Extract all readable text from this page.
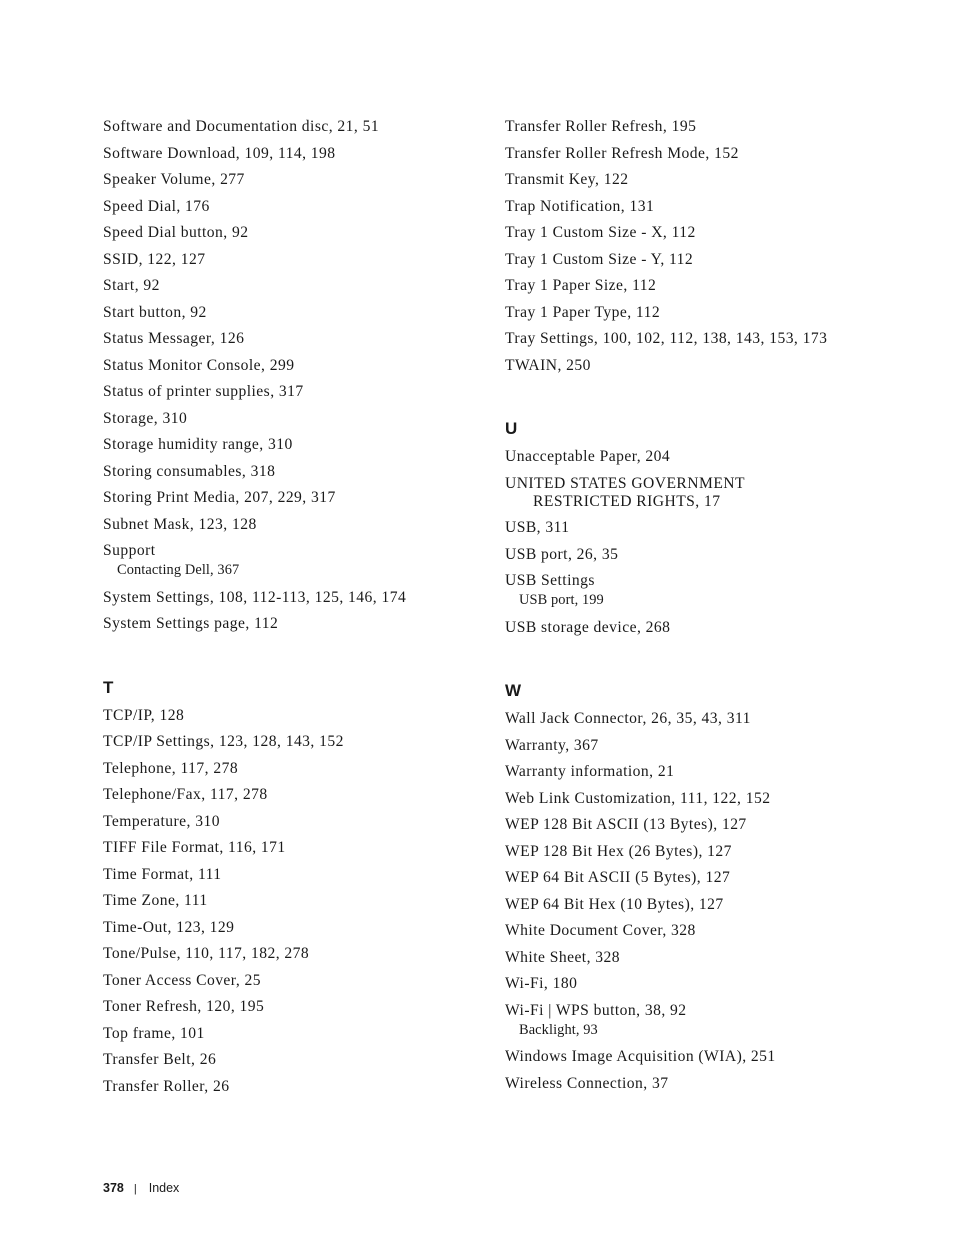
Software and Documentation disc, 21, 51
Software Download, 109, 114, 198
Speaker Volume, 277
Speed Dial, 176
Speed Dial button, 92
SSID, 122, 127
Start, 92
Start button, 92
Status Messager, 126
Status Monitor Console, 299
Status of printer supplies, 317
Storage, 310
Storage humidity range, 310
Storing consumables, 318
Storing Print Media, 207, 229, 317
Subnet Mask, 123, 128
Support
Contacting Dell, 367
System Settings, 108, 112-113, 125, 146, 174
System Settings page, 112
T
TCP/IP, 128
TCP/IP Settings, 123, 128, 143, 152
Telephone, 117, 278
Telephone/Fax, 117, 278
Temperature, 310
TIFF File Format, 116, 171
Time Format, 111
Time Zone, 111
Time-Out, 123, 129
Tone/Pulse, 110, 117, 182, 278
Toner Access Cover, 25
Toner Refresh, 120, 195
Top frame, 101
Transfer Belt, 26
Transfer Roller, 26
Transfer Roller Refresh, 195
Transfer Roller Refresh Mode, 152
Transmit Key, 122
Trap Notification, 131
Tray 1 Custom Size - X, 112
Tray 1 Custom Size - Y, 112
Tray 1 Paper Size, 112
Tray 1 Paper Type, 112
Tray Settings, 100, 102, 112, 138, 143, 153, 173
TWAIN, 250
U
Unacceptable Paper, 204
UNITED STATES GOVERNMENT
RESTRICTED RIGHTS, 17
USB, 311
USB port, 26, 35
USB Settings
USB port, 199
USB storage device, 268
W
Wall Jack Connector, 26, 35, 43, 311
Warranty, 367
Warranty information, 21
Web Link Customization, 111, 122, 152
WEP 128 Bit ASCII (13 Bytes), 127
WEP 128 Bit Hex (26 Bytes), 127
WEP 64 Bit ASCII (5 Bytes), 127
WEP 64 Bit Hex (10 Bytes), 127
White Document Cover, 328
White Sheet, 328
Wi-Fi, 180
Wi-Fi | WPS button, 38, 92
Backlight, 93
Windows Image Acquisition (WIA), 251
Wireless Connection, 37
378 | Index
